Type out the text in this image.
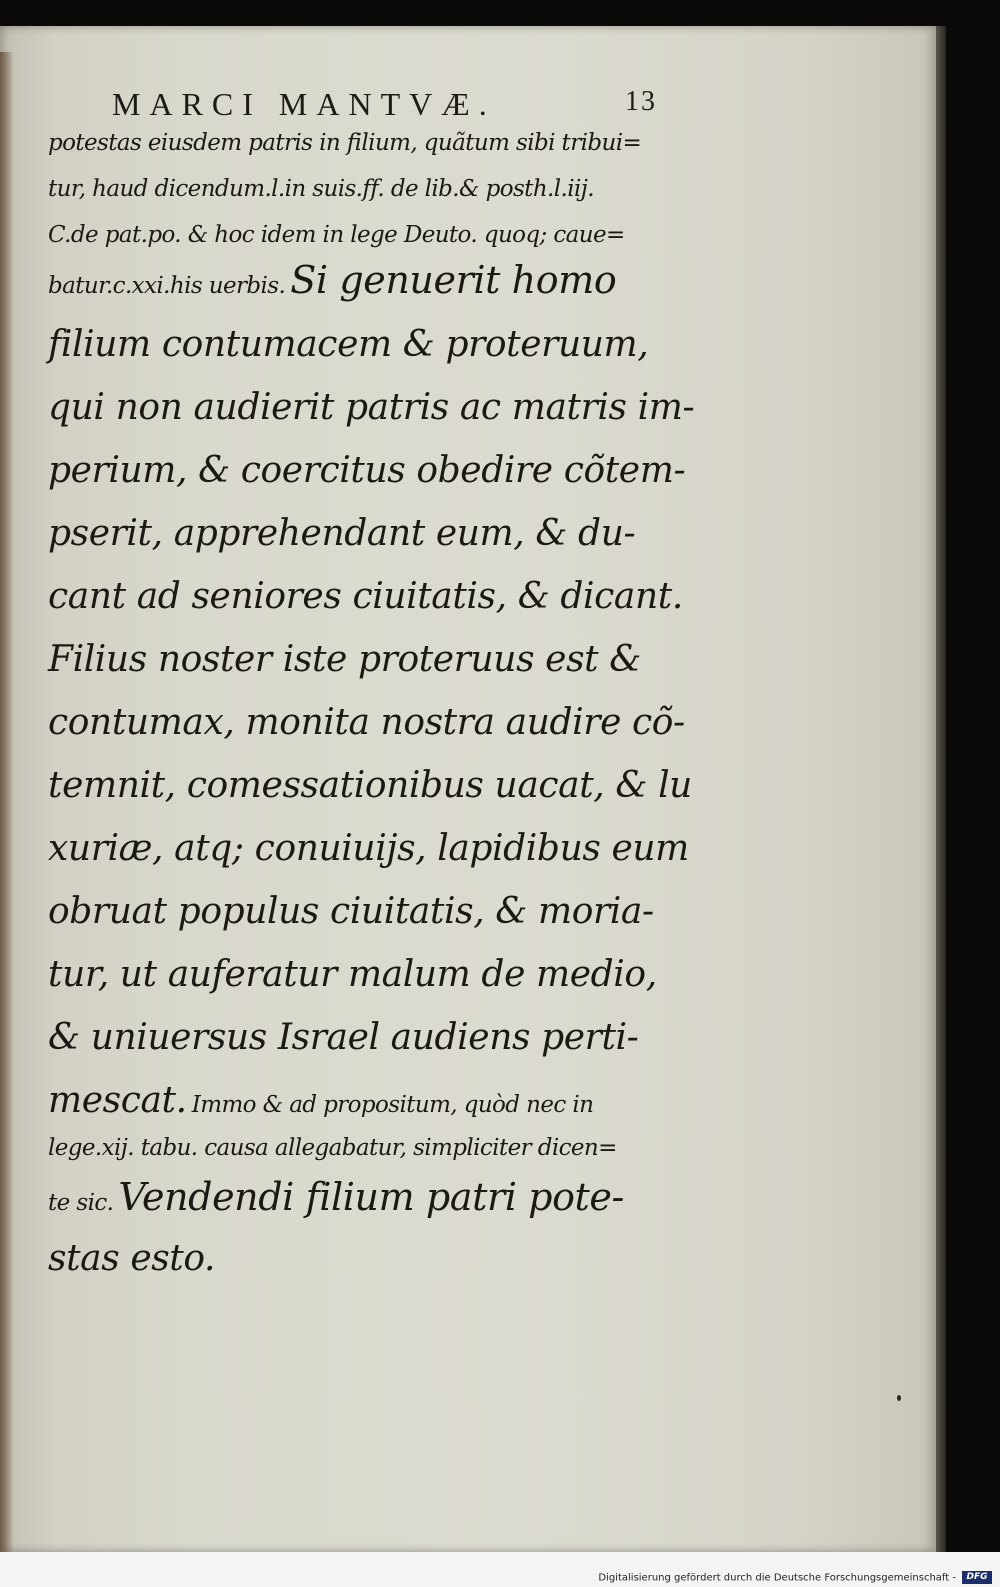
MARCI MANTVÆ.	13
potestas eiusdem patris in filium, quãtum sibi tribui=
tur, haud dicendum.l.in suis.ff. de lib.& posth.l.iij.
C.de pat.po. & hoc idem in lege Deuto. quoq; caue=
batur.c.xxi.his uerbis. Si genuerit homo
filium contumacem & proteruum,
qui non audierit patris ac matris im-
perium, & coercitus obedire cõtem-
pserit, apprehendant eum, & du-
cant ad seniores ciuitatis, & dicant.
Filius noster iste proteruus est &
contumax, monita nostra audire cõ-
temnit, comessationibus uacat, & lu
xuriæ, atq; conuiuijs, lapidibus eum
obruat populus ciuitatis, & moria-
tur, ut auferatur malum de medio,
& uniuersus Israel audiens perti-
mescat. Immo & ad propositum, quòd nec in
lege.xij. tabu. causa allegabatur, simpliciter dicen=
te sic. Vendendi filium patri pote-
stas esto.
Digitalisierung gefördert durch die Deutsche Forschungsgemeinschaft -	DFG
